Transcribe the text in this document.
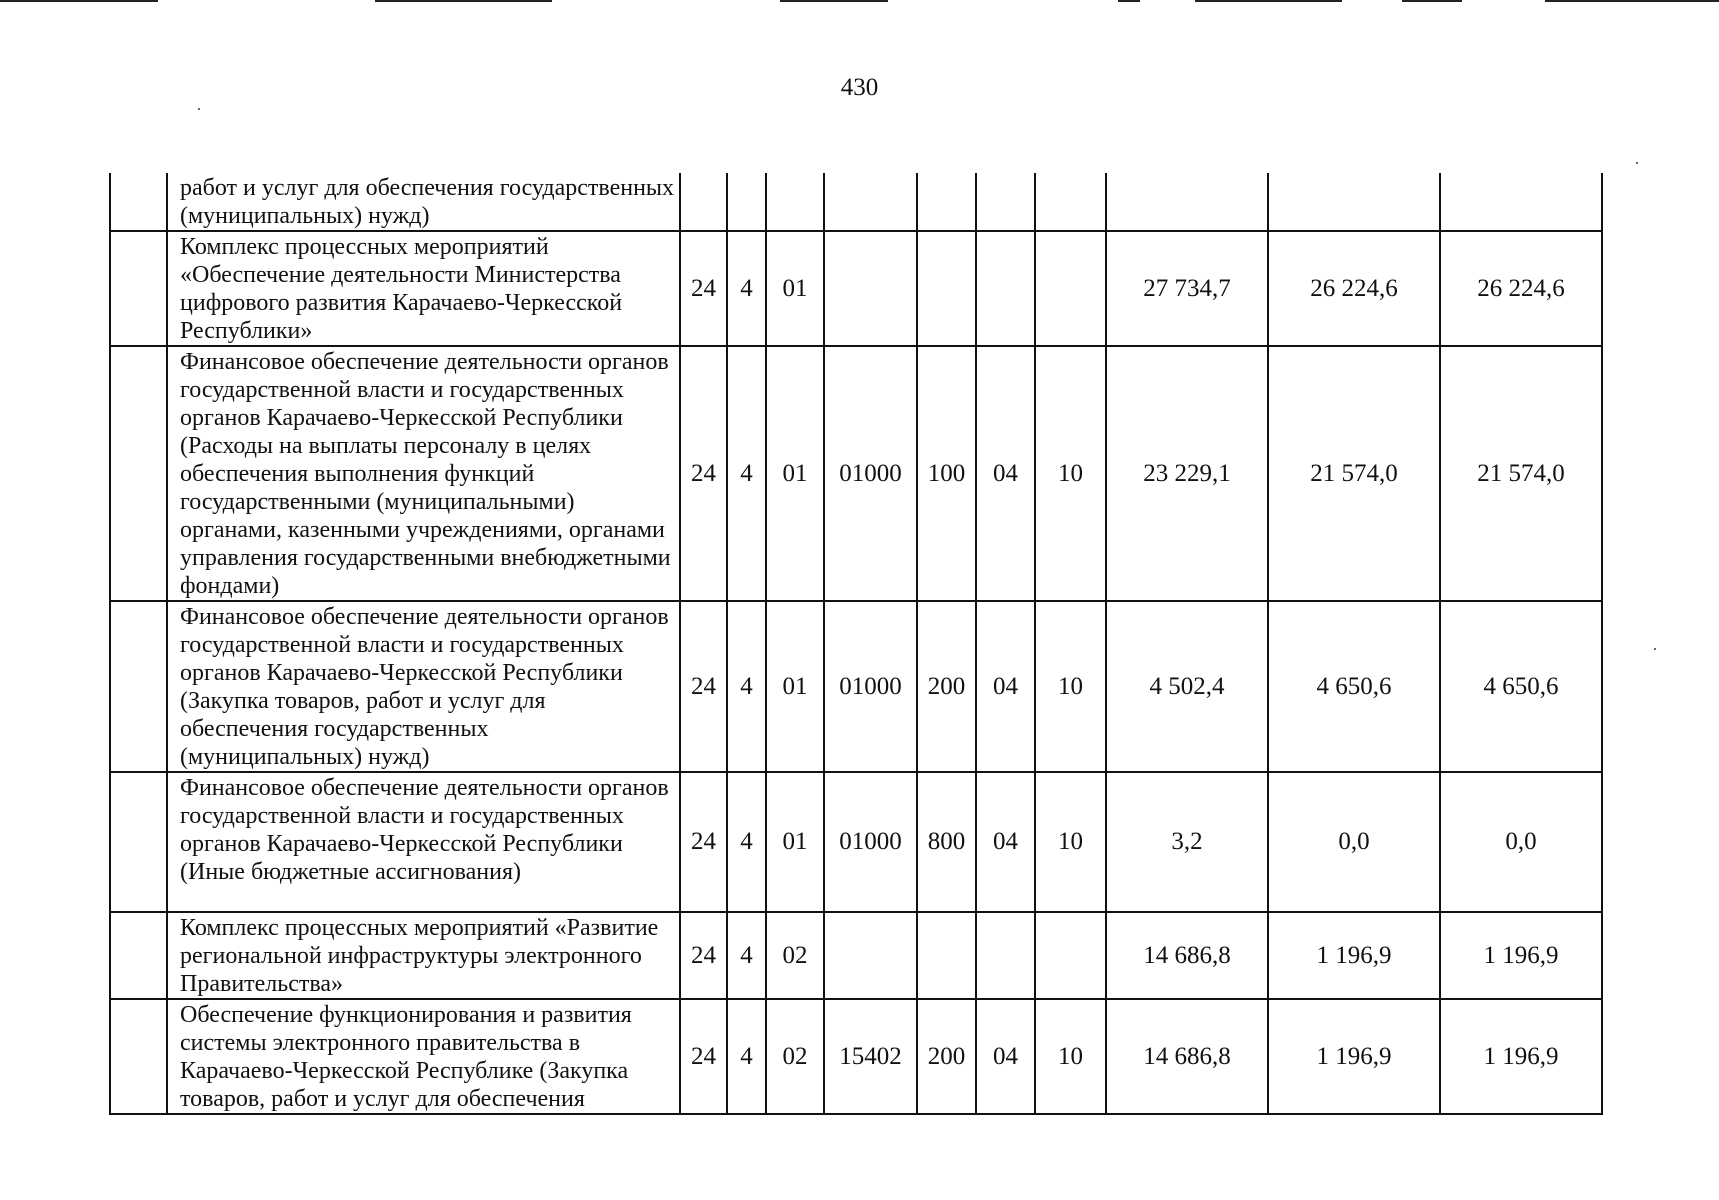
430
	работ и услуг для обеспечения государственных (муниципальных) нужд)										
	Комплекс процессных мероприятий «Обеспечение деятельности Министерства цифрового развития Карачаево-Черкесской Республики»	24	4	01					27 734,7	26 224,6	26 224,6
	Финансовое обеспечение деятельности органов государственной власти и государственных органов Карачаево-Черкесской Республики (Расходы на выплаты персоналу в целях обеспечения выполнения функций государственными (муниципальными) органами, казенными учреждениями, органами управления государственными внебюджетными фондами)	24	4	01	01000	100	04	10	23 229,1	21 574,0	21 574,0
	Финансовое обеспечение деятельности органов государственной власти и государственных органов Карачаево-Черкесской Республики (Закупка товаров, работ и услуг для обеспечения государственных (муниципальных) нужд)	24	4	01	01000	200	04	10	4 502,4	4 650,6	4 650,6
	Финансовое обеспечение деятельности органов государственной власти и государственных органов Карачаево-Черкесской Республики (Иные бюджетные ассигнования)	24	4	01	01000	800	04	10	3,2	0,0	0,0
	Комплекс процессных мероприятий «Развитие региональной инфраструктуры электронного Правительства»	24	4	02					14 686,8	1 196,9	1 196,9
	Обеспечение функционирования и развития системы электронного правительства в Карачаево-Черкесской Республике (Закупка товаров, работ и услуг для обеспечения	24	4	02	15402	200	04	10	14 686,8	1 196,9	1 196,9
